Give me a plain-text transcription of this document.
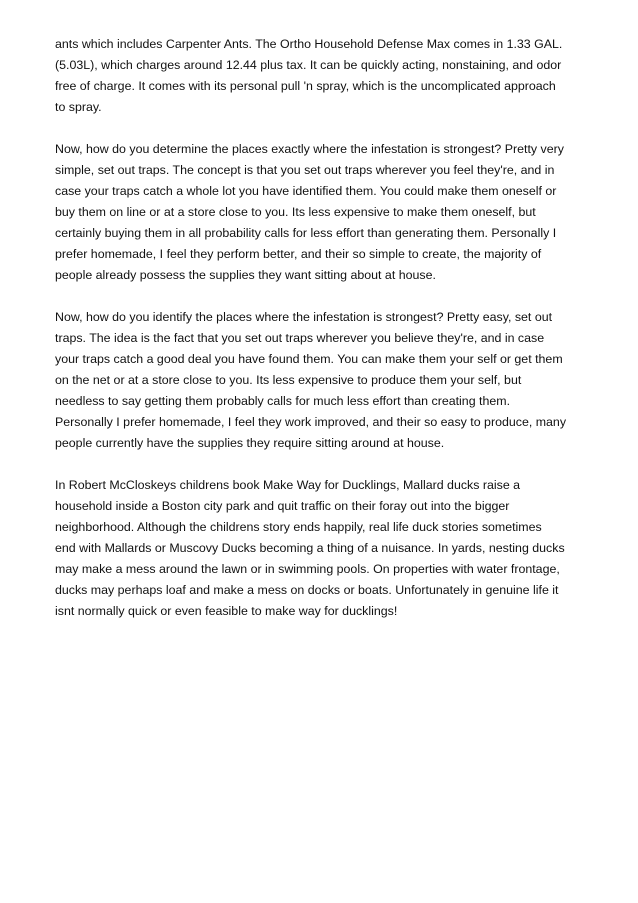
ants which includes Carpenter Ants. The Ortho Household Defense Max comes in 1.33 GAL.
(5.03L), which charges around 12.44 plus tax. It can be quickly acting, nonstaining, and odor
free of charge. It comes with its personal pull 'n spray, which is the uncomplicated approach
to spray.
Now, how do you determine the places exactly where the infestation is strongest? Pretty very
simple, set out traps. The concept is that you set out traps wherever you feel they're, and in
case your traps catch a whole lot you have identified them. You could make them oneself or
buy them on line or at a store close to you. Its less expensive to make them oneself, but
certainly buying them in all probability calls for less effort than generating them. Personally I
prefer homemade, I feel they perform better, and their so simple to create, the majority of
people already possess the supplies they want sitting about at house.
Now, how do you identify the places where the infestation is strongest? Pretty easy, set out
traps. The idea is the fact that you set out traps wherever you believe they're, and in case
your traps catch a good deal you have found them. You can make them your self or get them
on the net or at a store close to you. Its less expensive to produce them your self, but
needless to say getting them probably calls for much less effort than creating them.
Personally I prefer homemade, I feel they work improved, and their so easy to produce, many
people currently have the supplies they require sitting around at house.
In Robert McCloskeys childrens book Make Way for Ducklings, Mallard ducks raise a
household inside a Boston city park and quit traffic on their foray out into the bigger
neighborhood. Although the childrens story ends happily, real life duck stories sometimes
end with Mallards or Muscovy Ducks becoming a thing of a nuisance. In yards, nesting ducks
may make a mess around the lawn or in swimming pools. On properties with water frontage,
ducks may perhaps loaf and make a mess on docks or boats. Unfortunately in genuine life it
isnt normally quick or even feasible to make way for ducklings!
